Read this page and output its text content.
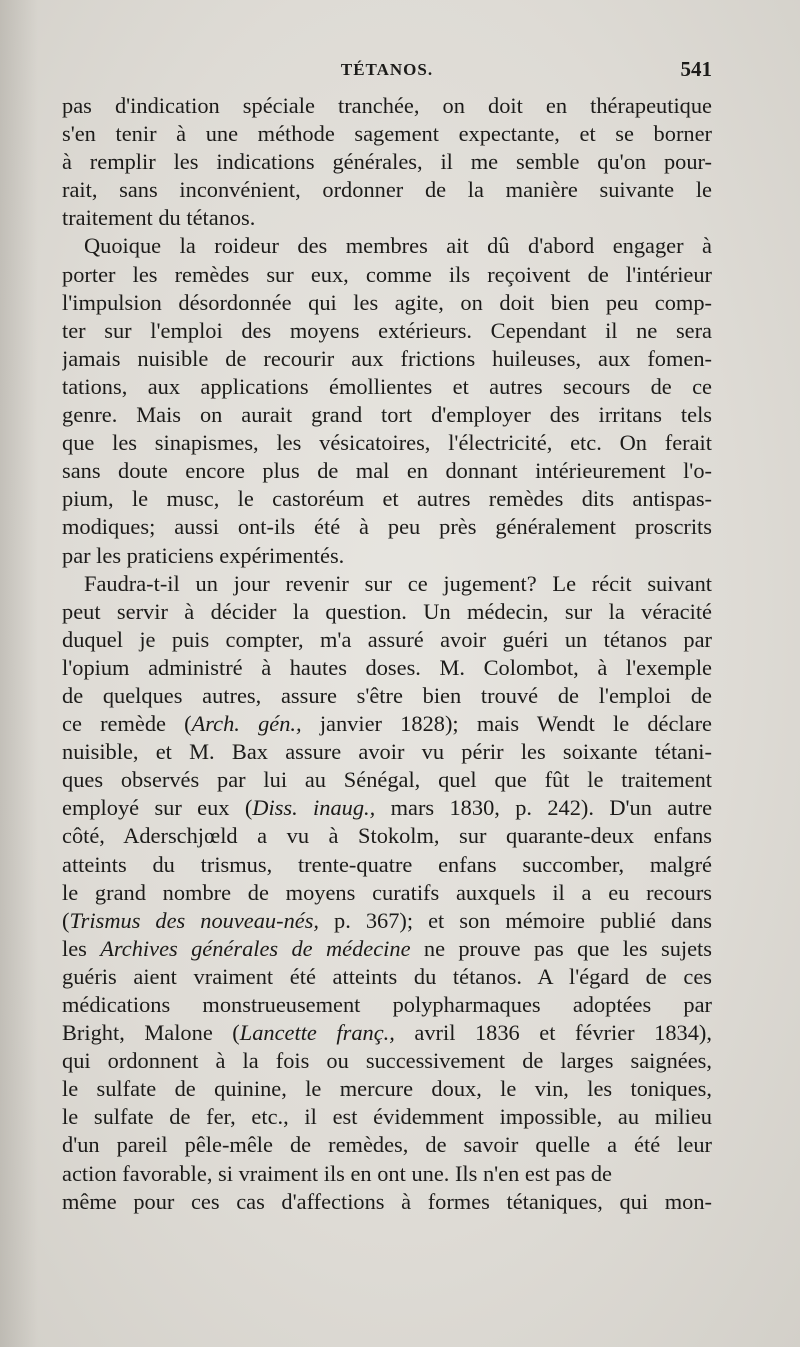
TÉTANOS.	541
pas d'indication spéciale tranchée, on doit en thérapeutique
s'en tenir à une méthode sagement expectante, et se borner
à remplir les indications générales, il me semble qu'on pour-
rait, sans inconvénient, ordonner de la manière suivante le
traitement du tétanos.
Quoique la roideur des membres ait dû d'abord engager à
porter les remèdes sur eux, comme ils reçoivent de l'intérieur
l'impulsion désordonnée qui les agite, on doit bien peu comp-
ter sur l'emploi des moyens extérieurs. Cependant il ne sera
jamais nuisible de recourir aux frictions huileuses, aux fomen-
tations, aux applications émollientes et autres secours de ce
genre. Mais on aurait grand tort d'employer des irritans tels
que les sinapismes, les vésicatoires, l'électricité, etc. On ferait
sans doute encore plus de mal en donnant intérieurement l'o-
pium, le musc, le castoréum et autres remèdes dits antispas-
modiques; aussi ont-ils été à peu près généralement proscrits
par les praticiens expérimentés.
Faudra-t-il un jour revenir sur ce jugement? Le récit suivant
peut servir à décider la question. Un médecin, sur la véracité
duquel je puis compter, m'a assuré avoir guéri un tétanos par
l'opium administré à hautes doses. M. Colombot, à l'exemple
de quelques autres, assure s'être bien trouvé de l'emploi de
ce remède (Arch. gén., janvier 1828); mais Wendt le déclare
nuisible, et M. Bax assure avoir vu périr les soixante tétani-
ques observés par lui au Sénégal, quel que fût le traitement
employé sur eux (Diss. inaug., mars 1830, p. 242). D'un autre
côté, Aderschjœld a vu à Stokolm, sur quarante-deux enfans
atteints du trismus, trente-quatre enfans succomber, malgré
le grand nombre de moyens curatifs auxquels il a eu recours
(Trismus des nouveau-nés, p. 367); et son mémoire publié dans
les Archives générales de médecine ne prouve pas que les sujets
guéris aient vraiment été atteints du tétanos. A l'égard de ces
médications monstrueusement polypharmaques adoptées par
Bright, Malone (Lancette franç., avril 1836 et février 1834),
qui ordonnent à la fois ou successivement de larges saignées,
le sulfate de quinine, le mercure doux, le vin, les toniques,
le sulfate de fer, etc., il est évidemment impossible, au milieu
d'un pareil pêle-mêle de remèdes, de savoir quelle a été leur
action favorable, si vraiment ils en ont une. Ils n'en est pas de
même pour ces cas d'affections à formes tétaniques, qui mon-
